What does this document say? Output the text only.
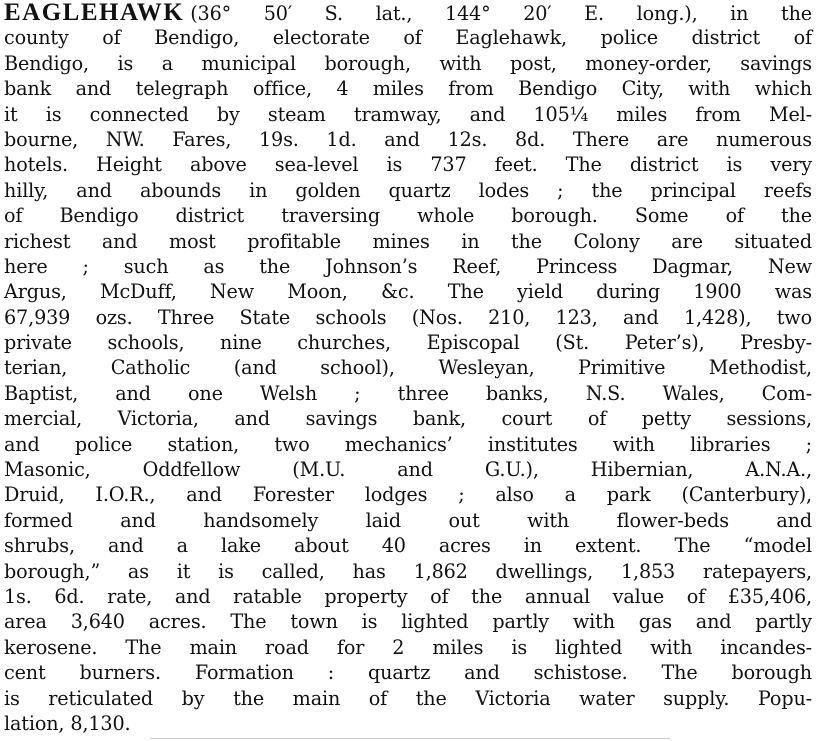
EAGLEHAWK (36° 50′ S. lat., 144° 20′ E. long.), in the
county of Bendigo, electorate of Eaglehawk, police district of
Bendigo, is a municipal borough, with post, money-order, savings
bank and telegraph office, 4 miles from Bendigo City, with which
it is connected by steam tramway, and 105¼ miles from Mel-
bourne, NW. Fares, 19s. 1d. and 12s. 8d. There are numerous
hotels. Height above sea-level is 737 feet. The district is very
hilly, and abounds in golden quartz lodes ; the principal reefs
of Bendigo district traversing whole borough. Some of the
richest and most profitable mines in the Colony are situated
here ; such as the Johnson’s Reef, Princess Dagmar, New
Argus, McDuff, New Moon, &c. The yield during 1900 was
67,939 ozs. Three State schools (Nos. 210, 123, and 1,428), two
private schools, nine churches, Episcopal (St. Peter’s), Presby-
terian, Catholic (and school), Wesleyan, Primitive Methodist,
Baptist, and one Welsh ; three banks, N.S. Wales, Com-
mercial, Victoria, and savings bank, court of petty sessions,
and police station, two mechanics’ institutes with libraries ;
Masonic, Oddfellow (M.U. and G.U.), Hibernian, A.N.A.,
Druid, I.O.R., and Forester lodges ; also a park (Canterbury),
formed and handsomely laid out with flower-beds and
shrubs, and a lake about 40 acres in extent. The “model
borough,” as it is called, has 1,862 dwellings, 1,853 ratepayers,
1s. 6d. rate, and ratable property of the annual value of £35,406,
area 3,640 acres. The town is lighted partly with gas and partly
kerosene. The main road for 2 miles is lighted with incandes-
cent burners. Formation : quartz and schistose. The borough
is reticulated by the main of the Victoria water supply. Popu-
lation, 8,130.
